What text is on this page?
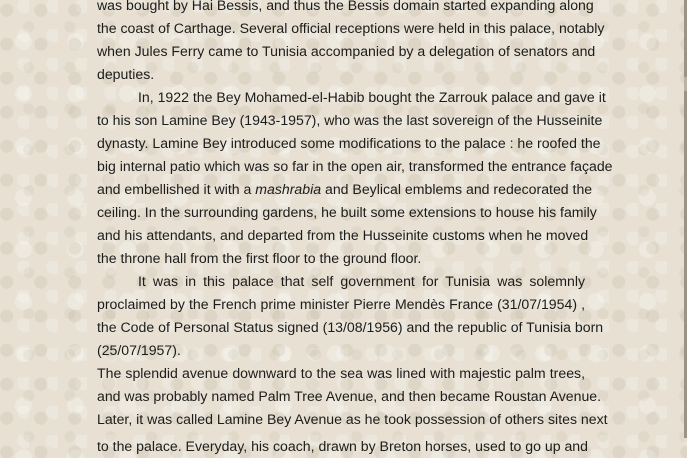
was bought by Hai Bessis, and thus the Bessis domain started expanding along
the coast of Carthage. Several official receptions were held in this palace, notably
when Jules Ferry came to Tunisia accompanied by a delegation of senators and
deputies.
In, 1922 the Bey Mohamed-el-Habib bought the Zarrouk palace and gave it
to his son Lamine Bey (1943-1957), who was the last sovereign of the Husseinite
dynasty. Lamine Bey introduced some modifications to the palace : he roofed the
big internal patio which was so far in the open air, transformed the entrance façade
and embellished it with a mashrabia and Beylical emblems and redecorated the
ceiling. In the surrounding gardens, he built some extensions to house his family
and his attendants, and departed from the Husseinite customs when he moved
the throne hall from the first floor to the ground floor.
It was in this palace that self government for Tunisia was solemnly
proclaimed by the French prime minister Pierre Mendès France (31/07/1954) ,
the Code of Personal Status signed (13/08/1956) and the republic of Tunisia born
(25/07/1957).
The splendid avenue downward to the sea was lined with majestic palm trees,
and was probably named Palm Tree Avenue, and then became Roustan Avenue.
Later, it was called Lamine Bey Avenue as he took possession of others sites next
to the palace. Everyday, his coach, drawn by Breton horses, used to go up and
